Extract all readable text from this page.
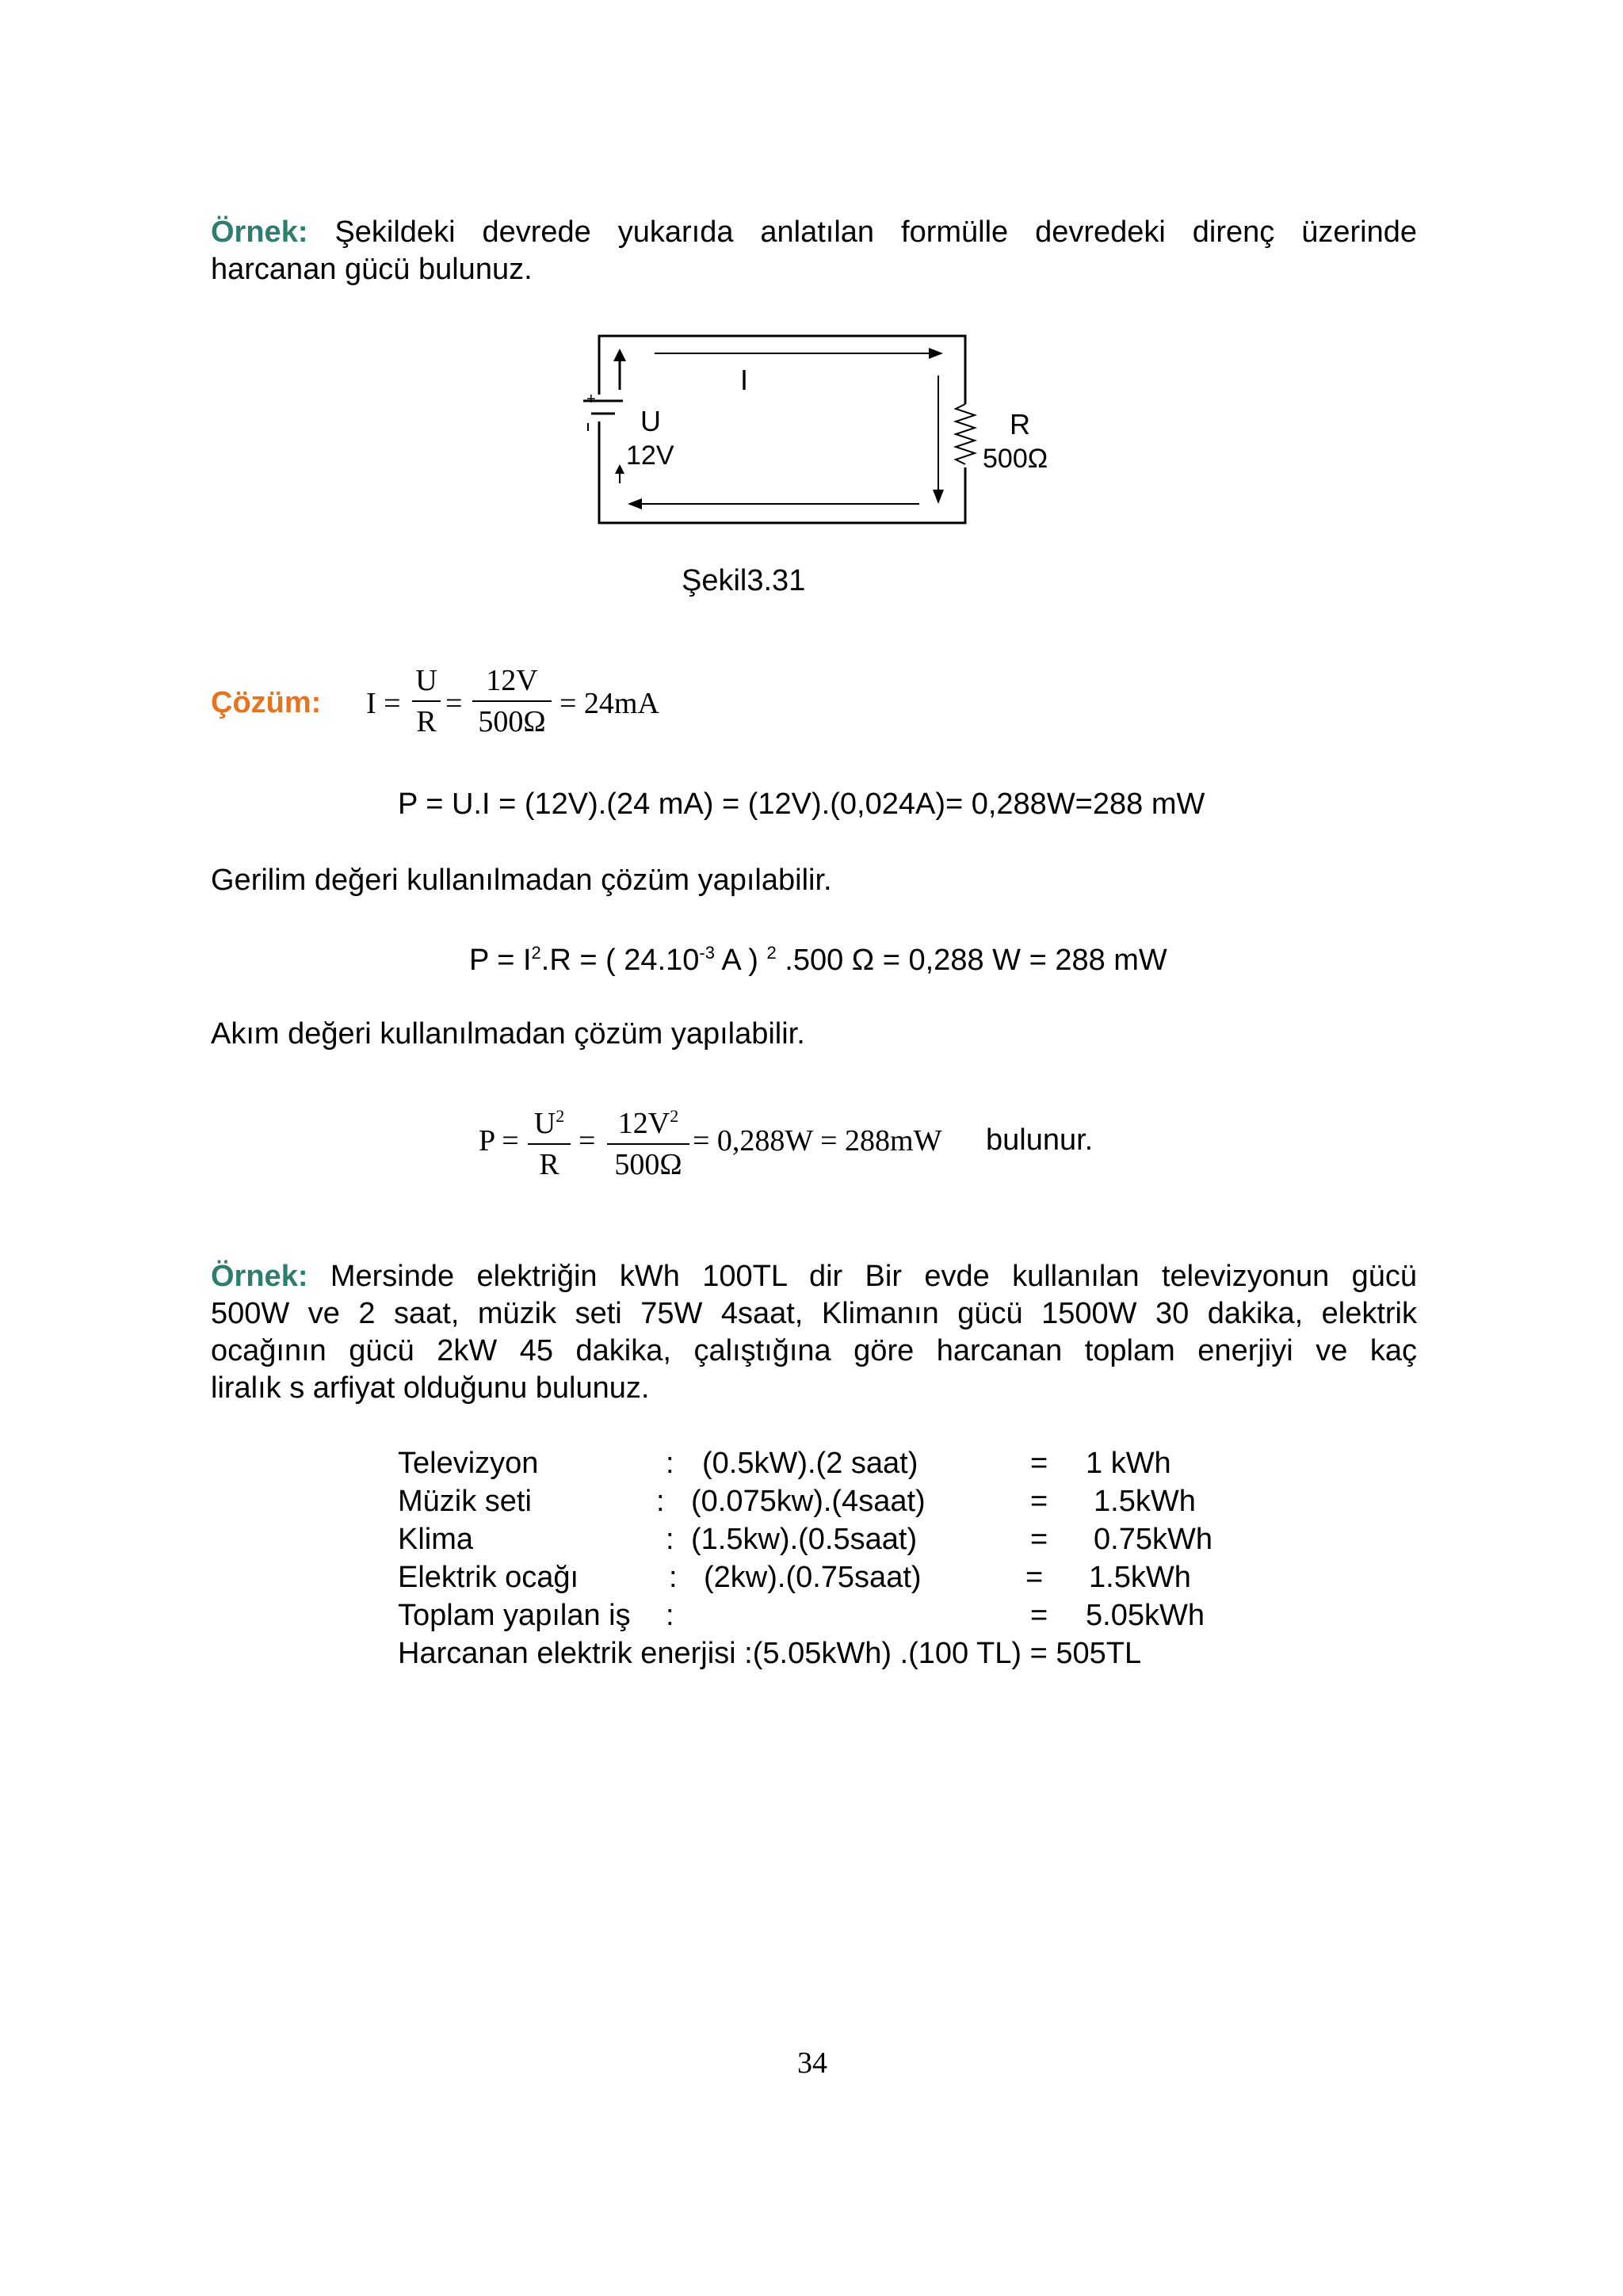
Örnek: Şekildeki devrede yukarıda anlatılan formülle devredeki direnç üzerinde
harcanan gücü bulunuz.
+
I
U
12V
R
500Ω
Şekil3.31
Çözüm: I =
U
R
=
12V
500Ω
= 24mA
P = U.I = (12V).(24 mA) = (12V).(0,024A)= 0,288W=288 mW
Gerilim değeri kullanılmadan çözüm yapılabilir.
$P = I^2.R$ = ( $24.10^{-3}$ A ) $^2$ .500 Ω = 0,288 W = 288 mW
Akım değeri kullanılmadan çözüm yapılabilir.
P =
$U^2$
R
=
$12V^2$
500Ω
= 0,288W = 288mW bulunur.
Örnek: Mersinde elektriğin kWh 100TL dir Bir evde kullanılan televizyonun gücü
500W ve 2 saat, müzik seti 75W 4saat, Klimanın gücü 1500W 30 dakika, elektrik
ocağının gücü 2kW 45 dakika, çalıştığına göre harcanan toplam enerjiyi ve kaç
liralık s arfiyat olduğunu bulunuz.
Televizyon	: (0.5kW).(2 saat)	= 1 kWh
Müzik seti	: (0.075kw).(4saat)	= 1.5kWh
Klima	: (1.5kw).(0.5saat)	= 0.75kWh
Elektrik ocağı	: (2kw).(0.75saat)	= 1.5kWh
Toplam yapılan iş :	= 5.05kWh
Harcanan elektrik enerjisi :(5.05kWh) .(100 TL) = 505TL
34
